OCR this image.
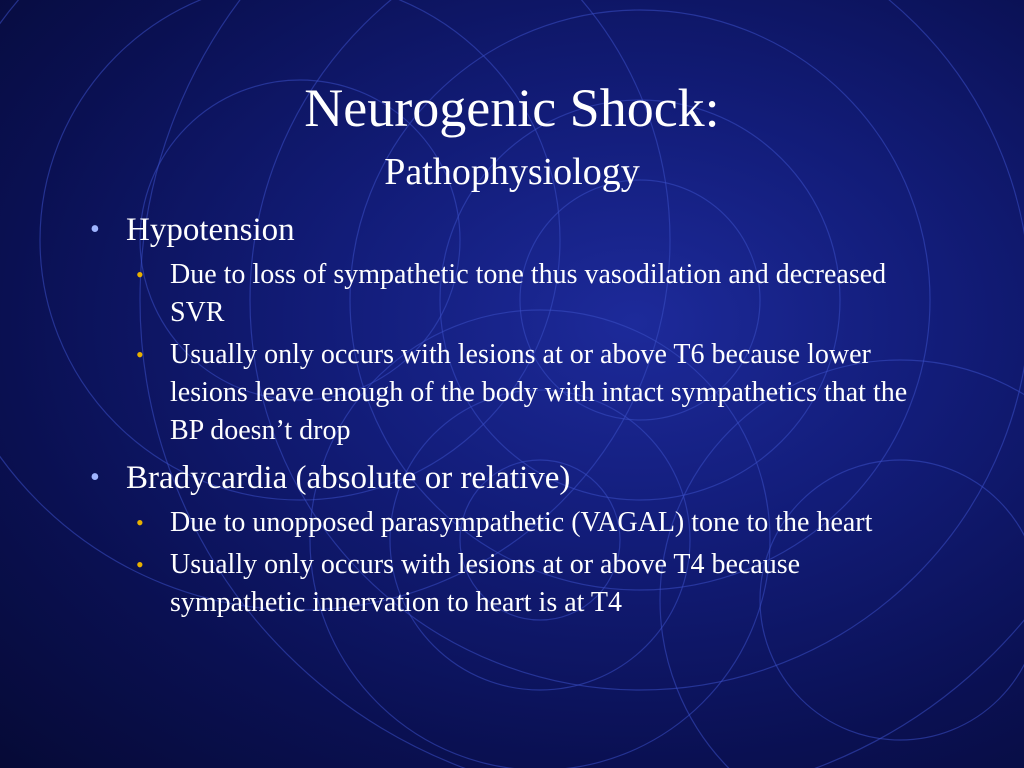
Neurogenic Shock:
Pathophysiology
• Hypotension
• Due to loss of sympathetic tone thus vasodilation and decreased SVR
• Usually only occurs with lesions at or above T6 because lower lesions leave enough of the body with intact sympathetics that the BP doesn’t drop
• Bradycardia (absolute or relative)
• Due to unopposed parasympathetic (VAGAL) tone to the heart
• Usually only occurs with lesions at or above T4 because sympathetic innervation to heart is at T4
